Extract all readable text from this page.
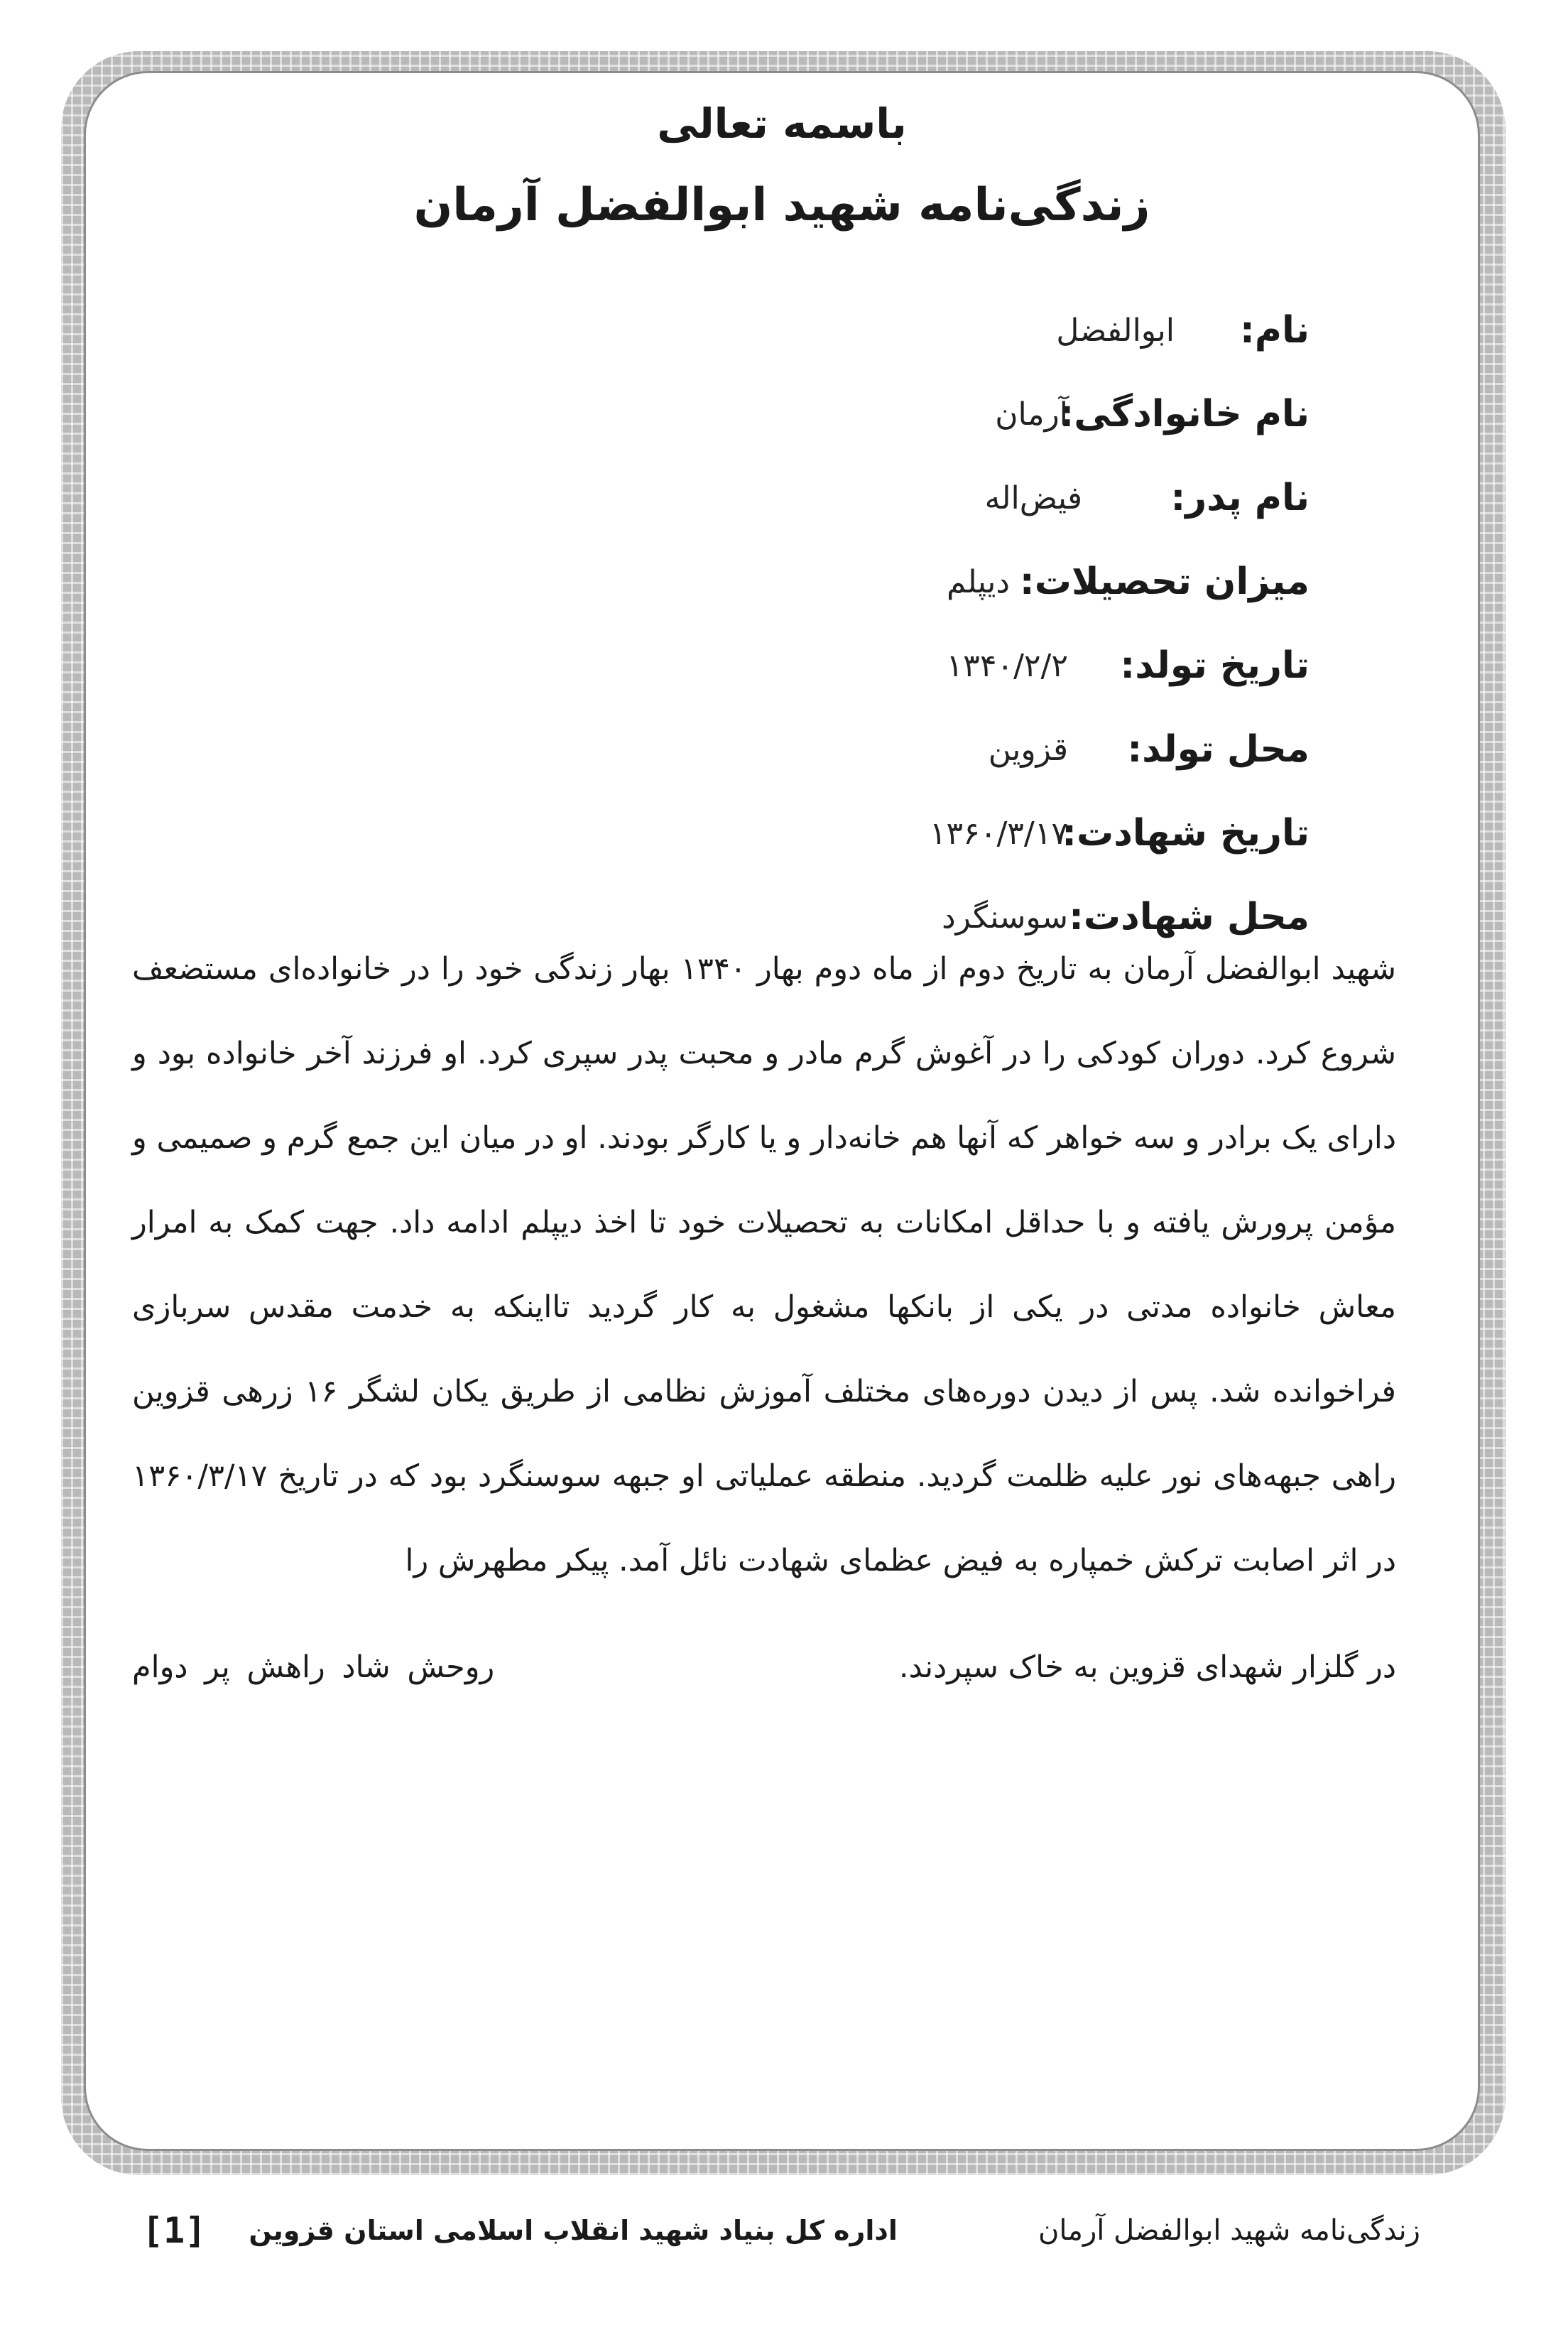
باسمه تعالی
زندگی‌نامه شهید ابوالفضل آرمان
نام:
ابوالفضل
نام خانوادگی:
آرمان
نام پدر:
فیض‌اله
میزان تحصیلات:
دیپلم
تاریخ تولد:
۱۳۴۰/۲/۲
محل تولد:
قزوین
تاریخ شهادت:
۱۳۶۰/۳/۱۷
محل شهادت:
سوسنگرد

شهید ابوالفضل آرمان به تاریخ دوم از ماه دوم بهار ۱۳۴۰ بهار زندگی خود را در خانواده‌ای مستضعف شروع کرد. دوران کودکی را در آغوش گرم مادر و محبت پدر سپری کرد. او فرزند آخر خانواده بود و دارای یک برادر و سه خواهر که آنها هم خانه‌دار و یا کارگر بودند. او در میان این جمع گرم و صمیمی و مؤمن پرورش یافته و با حداقل امکانات به تحصیلات خود تا اخذ دیپلم ادامه داد. جهت کمک به امرار معاش خانواده مدتی در یکی از بانکها مشغول به کار گردید تااینکه به خدمت مقدس سربازی فراخوانده شد. پس از دیدن دوره‌های مختلف آموزش نظامی از طریق یکان لشگر ۱۶ زرهی قزوین راهی جبهه‌های نور علیه ظلمت گردید. منطقه عملیاتی او جبهه سوسنگرد بود که در تاریخ ۱۳۶۰/۳/۱۷ در اثر اصابت ترکش خمپاره به فیض عظمای شهادت نائل آمد. پیکر مطهرش را

در گلزار شهدای قزوین به خاک سپردند.
روحش شاد راهش پر دوام
زندگی‌نامه شهید ابوالفضل آرمان
اداره کل بنیاد شهید انقلاب اسلامی استان قزوین
[1]
